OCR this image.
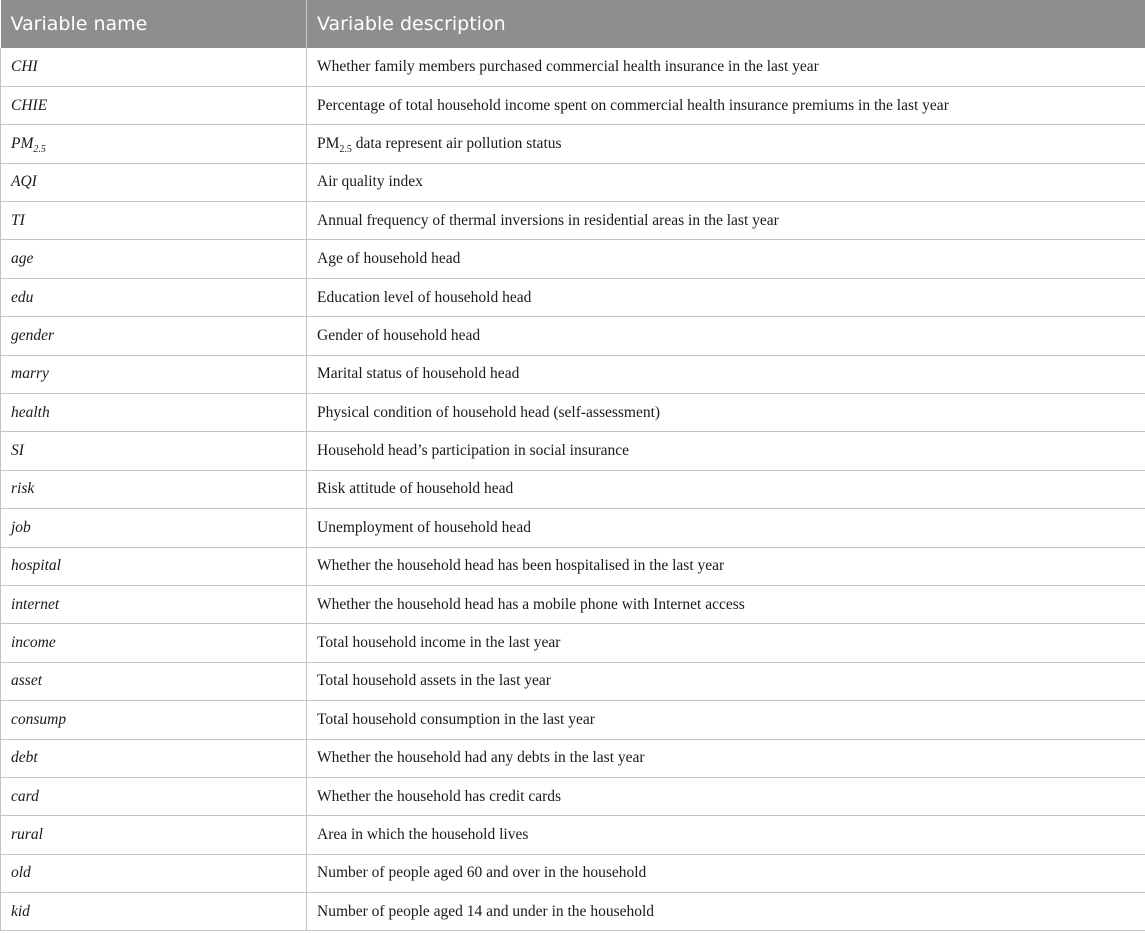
Variable name	Variable description
CHI	Whether family members purchased commercial health insurance in the last year
CHIE	Percentage of total household income spent on commercial health insurance premiums in the last year
$PM_{2.5}$	$PM_{2.5}$ data represent air pollution status
AQI	Air quality index
TI	Annual frequency of thermal inversions in residential areas in the last year
age	Age of household head
edu	Education level of household head
gender	Gender of household head
marry	Marital status of household head
health	Physical condition of household head (self-assessment)
SI	Household head’s participation in social insurance
risk	Risk attitude of household head
job	Unemployment of household head
hospital	Whether the household head has been hospitalised in the last year
internet	Whether the household head has a mobile phone with Internet access
income	Total household income in the last year
asset	Total household assets in the last year
consump	Total household consumption in the last year
debt	Whether the household had any debts in the last year
card	Whether the household has credit cards
rural	Area in which the household lives
old	Number of people aged 60 and over in the household
kid	Number of people aged 14 and under in the household
